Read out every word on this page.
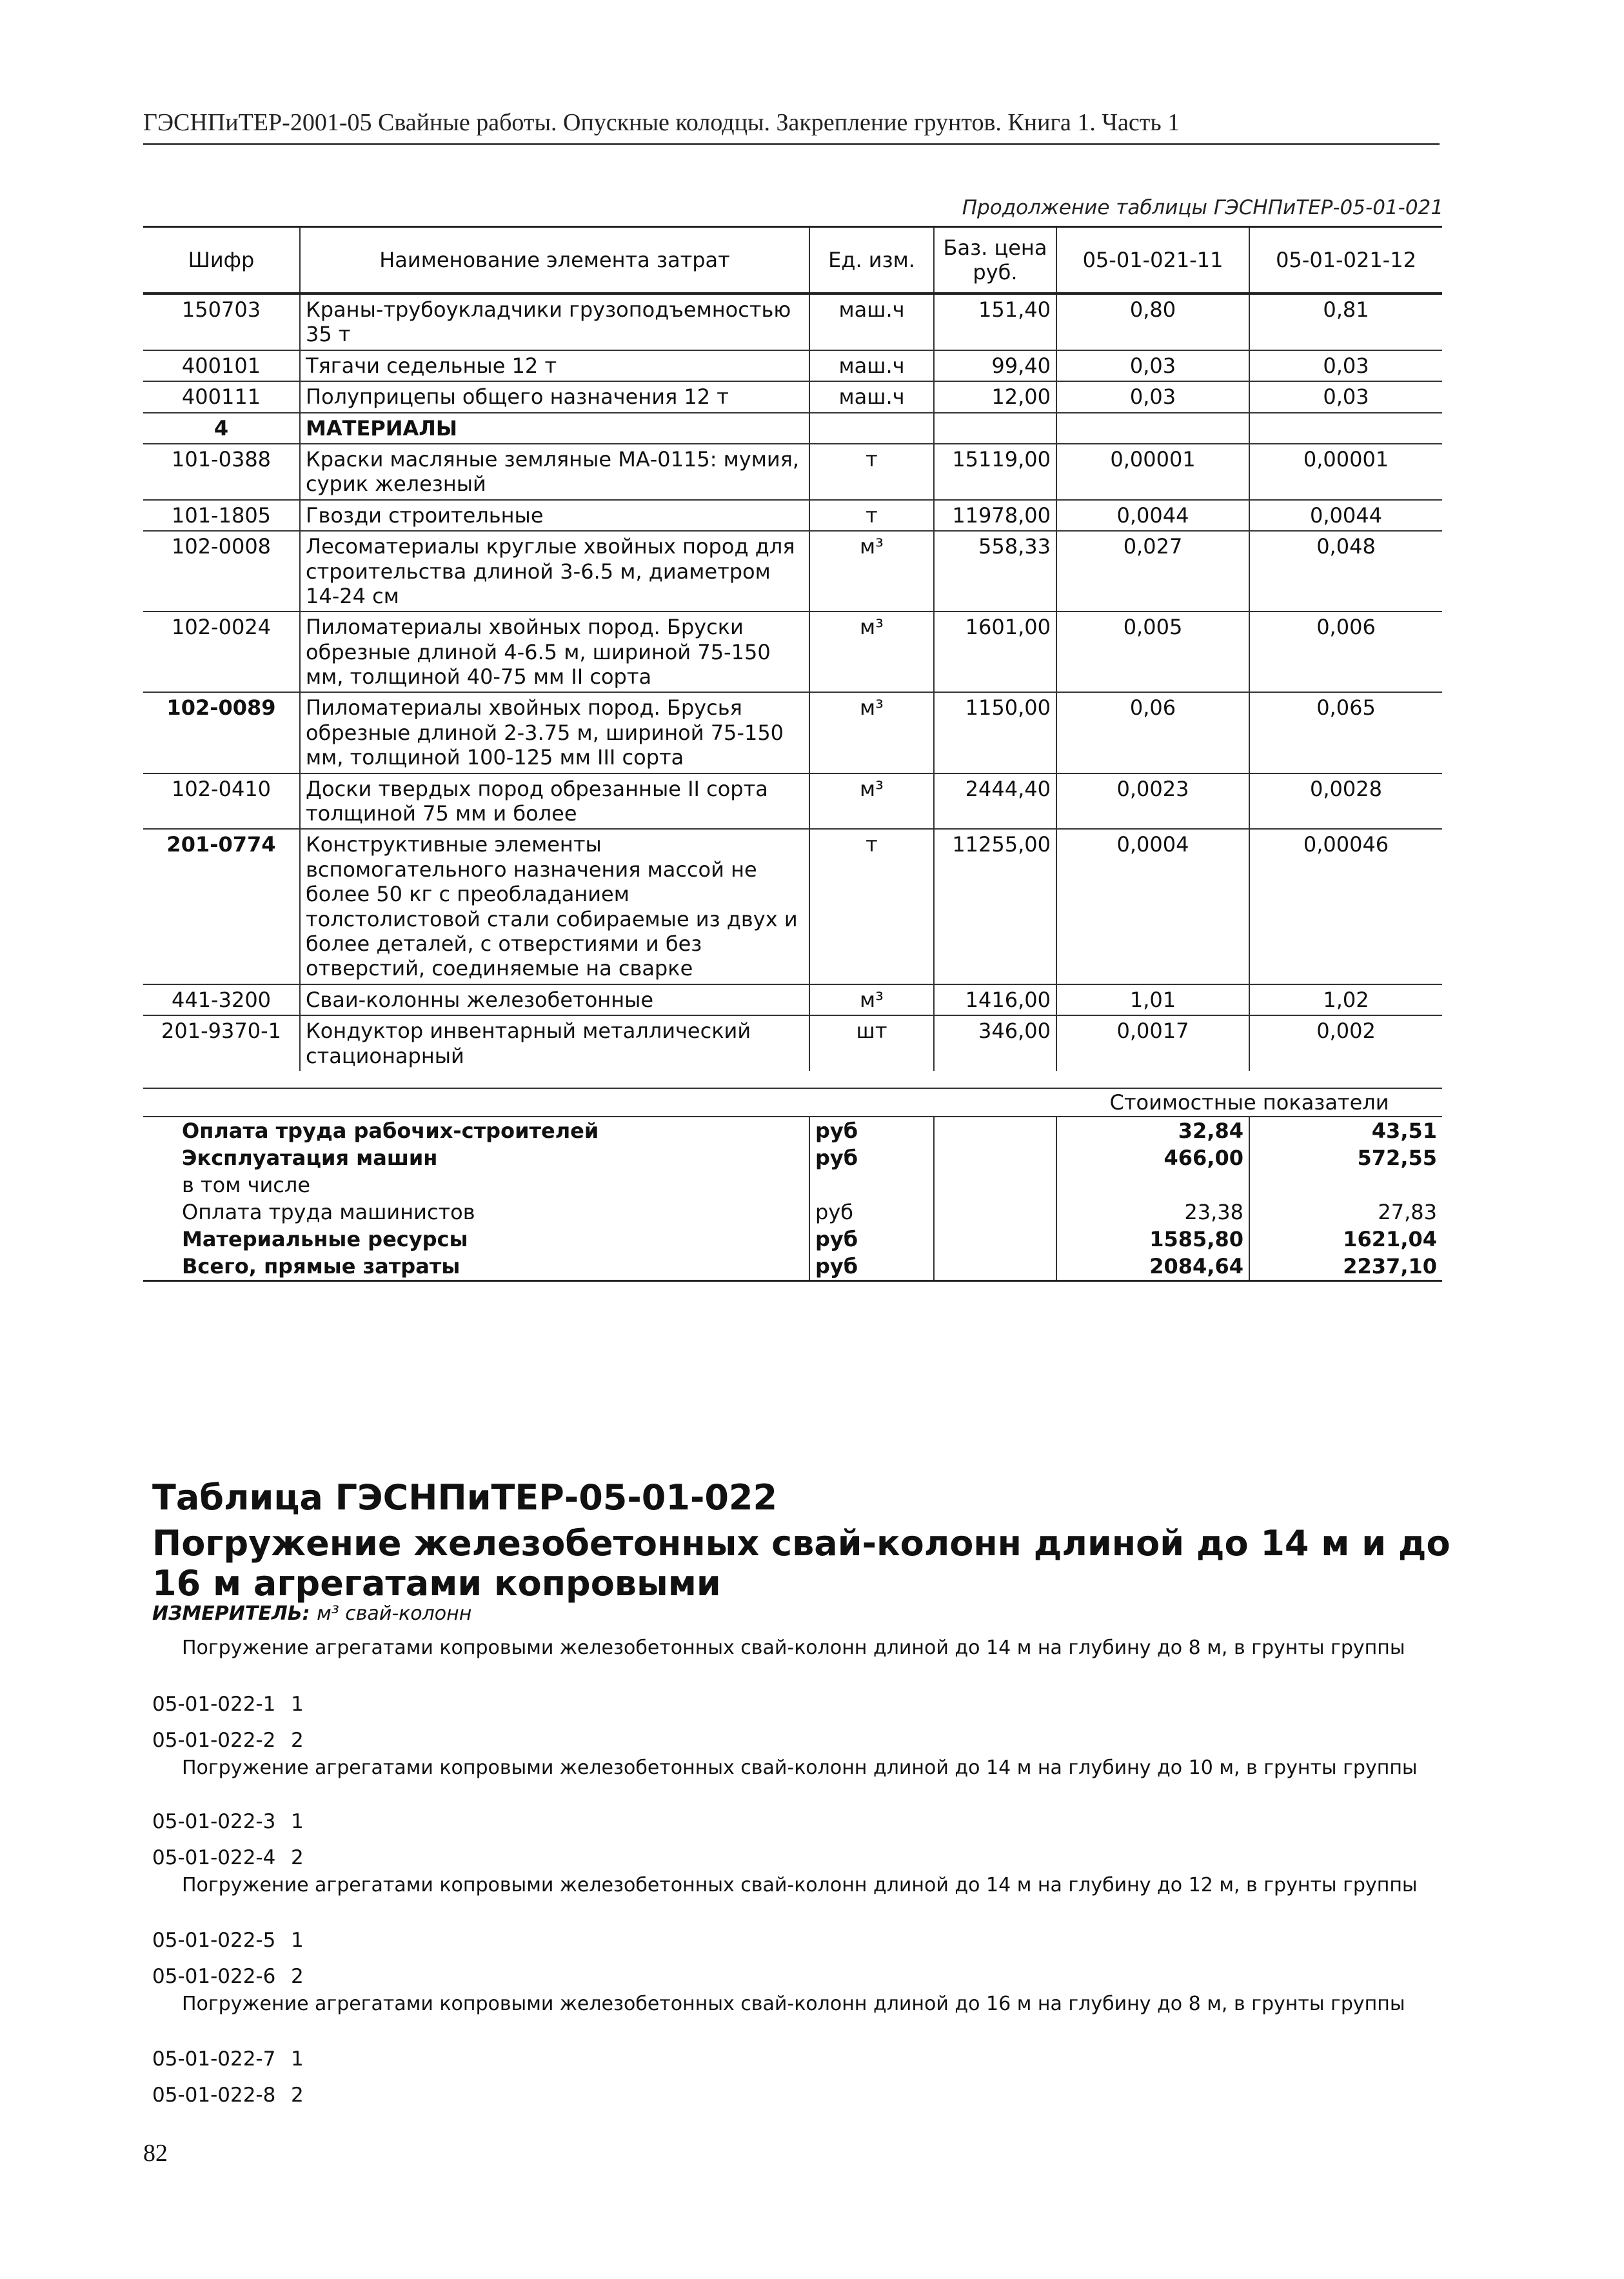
ГЭСНПиТЕР-2001-05 Свайные работы. Опускные колодцы. Закрепление грунтов. Книга 1. Часть 1
Продолжение таблицы ГЭСНПиТЕР-05-01-021
Шифр	Наименование элемента затрат	Ед. изм.	Баз. цена руб.	05-01-021-11	05-01-021-12
150703	Краны-трубоукладчики грузоподъемностью 35 т	маш.ч	151,40	0,80	0,81
400101	Тягачи седельные 12 т	маш.ч	99,40	0,03	0,03
400111	Полуприцепы общего назначения 12 т	маш.ч	12,00	0,03	0,03
4	МАТЕРИАЛЫ				
101-0388	Краски масляные земляные МА-0115: мумия, сурик железный	т	15119,00	0,00001	0,00001
101-1805	Гвозди строительные	т	11978,00	0,0044	0,0044
102-0008	Лесоматериалы круглые хвойных пород для строительства длиной 3-6.5 м, диаметром 14-24 см	м³	558,33	0,027	0,048
102-0024	Пиломатериалы хвойных пород. Бруски обрезные длиной 4-6.5 м, шириной 75-150 мм, толщиной 40-75 мм II сорта	м³	1601,00	0,005	0,006
102-0089	Пиломатериалы хвойных пород. Брусья обрезные длиной 2-3.75 м, шириной 75-150 мм, толщиной 100-125 мм III сорта	м³	1150,00	0,06	0,065
102-0410	Доски твердых пород обрезанные II сорта толщиной 75 мм и более	м³	2444,40	0,0023	0,0028
201-0774	Конструктивные элементы вспомогательного назначения массой не более 50 кг с преобладанием толстолистовой стали собираемые из двух и более деталей, с отверстиями и без отверстий, соединяемые на сварке	т	11255,00	0,0004	0,00046
441-3200	Сваи-колонны железобетонные	м³	1416,00	1,01	1,02
201-9370-1	Кондуктор инвентарный металлический стационарный	шт	346,00	0,0017	0,002

				Стоимостные показатели	
Оплата труда рабочих-строителей		руб		32,84	43,51
Эксплуатация машин		руб		466,00	572,55
в том числе					
Оплата труда машинистов		руб		23,38	27,83
Материальные ресурсы		руб		1585,80	1621,04
Всего, прямые затраты		руб		2084,64	2237,10
Таблица ГЭСНПиТЕР-05-01-022
Погружение железобетонных свай-колонн длиной до 14 м и до 16 м агрегатами копровыми
ИЗМЕРИТЕЛЬ: м³ свай-колонн
Погружение агрегатами копровыми железобетонных свай-колонн длиной до 14 м на глубину до 8 м, в грунты группы
05-01-022-1 1
05-01-022-2 2
Погружение агрегатами копровыми железобетонных свай-колонн длиной до 14 м на глубину до 10 м, в грунты группы
05-01-022-3 1
05-01-022-4 2
Погружение агрегатами копровыми железобетонных свай-колонн длиной до 14 м на глубину до 12 м, в грунты группы
05-01-022-5 1
05-01-022-6 2
Погружение агрегатами копровыми железобетонных свай-колонн длиной до 16 м на глубину до 8 м, в грунты группы
05-01-022-7 1
05-01-022-8 2
82
